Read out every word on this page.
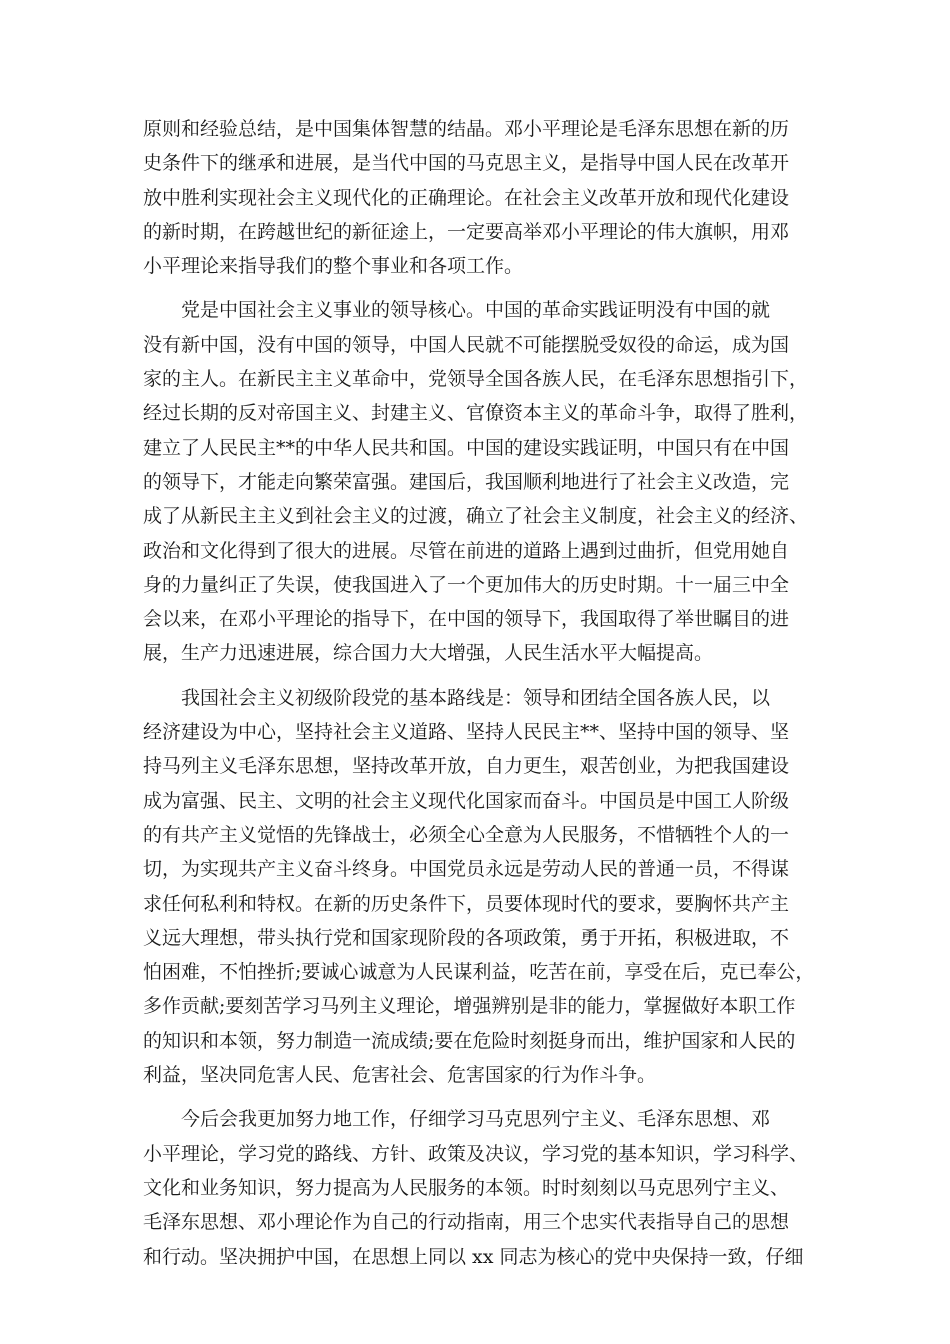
原则和经验总结，是中国集体智慧的结晶。邓小平理论是毛泽东思想在新的历
史条件下的继承和进展，是当代中国的马克思主义，是指导中国人民在改革开
放中胜利实现社会主义现代化的正确理论。在社会主义改革开放和现代化建设
的新时期，在跨越世纪的新征途上，一定要高举邓小平理论的伟大旗帜，用邓
小平理论来指导我们的整个事业和各项工作。

党是中国社会主义事业的领导核心。中国的革命实践证明没有中国的就
没有新中国，没有中国的领导，中国人民就不可能摆脱受奴役的命运，成为国
家的主人。在新民主主义革命中，党领导全国各族人民，在毛泽东思想指引下，
经过长期的反对帝国主义、封建主义、官僚资本主义的革命斗争，取得了胜利，
建立了人民民主**的中华人民共和国。中国的建设实践证明，中国只有在中国
的领导下，才能走向繁荣富强。建国后，我国顺利地进行了社会主义改造，完
成了从新民主主义到社会主义的过渡，确立了社会主义制度，社会主义的经济、
政治和文化得到了很大的进展。尽管在前进的道路上遇到过曲折，但党用她自
身的力量纠正了失误，使我国进入了一个更加伟大的历史时期。十一届三中全
会以来，在邓小平理论的指导下，在中国的领导下，我国取得了举世瞩目的进
展，生产力迅速进展，综合国力大大增强，人民生活水平大幅提高。

我国社会主义初级阶段党的基本路线是：领导和团结全国各族人民，以
经济建设为中心，坚持社会主义道路、坚持人民民主**、坚持中国的领导、坚
持马列主义毛泽东思想，坚持改革开放，自力更生，艰苦创业，为把我国建设
成为富强、民主、文明的社会主义现代化国家而奋斗。中国员是中国工人阶级
的有共产主义觉悟的先锋战士，必须全心全意为人民服务，不惜牺牲个人的一
切，为实现共产主义奋斗终身。中国党员永远是劳动人民的普通一员，不得谋
求任何私利和特权。在新的历史条件下，员要体现时代的要求，要胸怀共产主
义远大理想，带头执行党和国家现阶段的各项政策，勇于开拓，积极进取，不
怕困难，不怕挫折;要诚心诚意为人民谋利益，吃苦在前，享受在后，克已奉公，
多作贡献;要刻苦学习马列主义理论，增强辨别是非的能力，掌握做好本职工作
的知识和本领，努力制造一流成绩;要在危险时刻挺身而出，维护国家和人民的
利益，坚决同危害人民、危害社会、危害国家的行为作斗争。

今后会我更加努力地工作，仔细学习马克思列宁主义、毛泽东思想、邓
小平理论，学习党的路线、方针、政策及决议，学习党的基本知识，学习科学、
文化和业务知识，努力提高为人民服务的本领。时时刻刻以马克思列宁主义、
毛泽东思想、邓小理论作为自己的行动指南，用三个忠实代表指导自己的思想
和行动。坚决拥护中国，在思想上同以 xx 同志为核心的党中央保持一致，仔细
